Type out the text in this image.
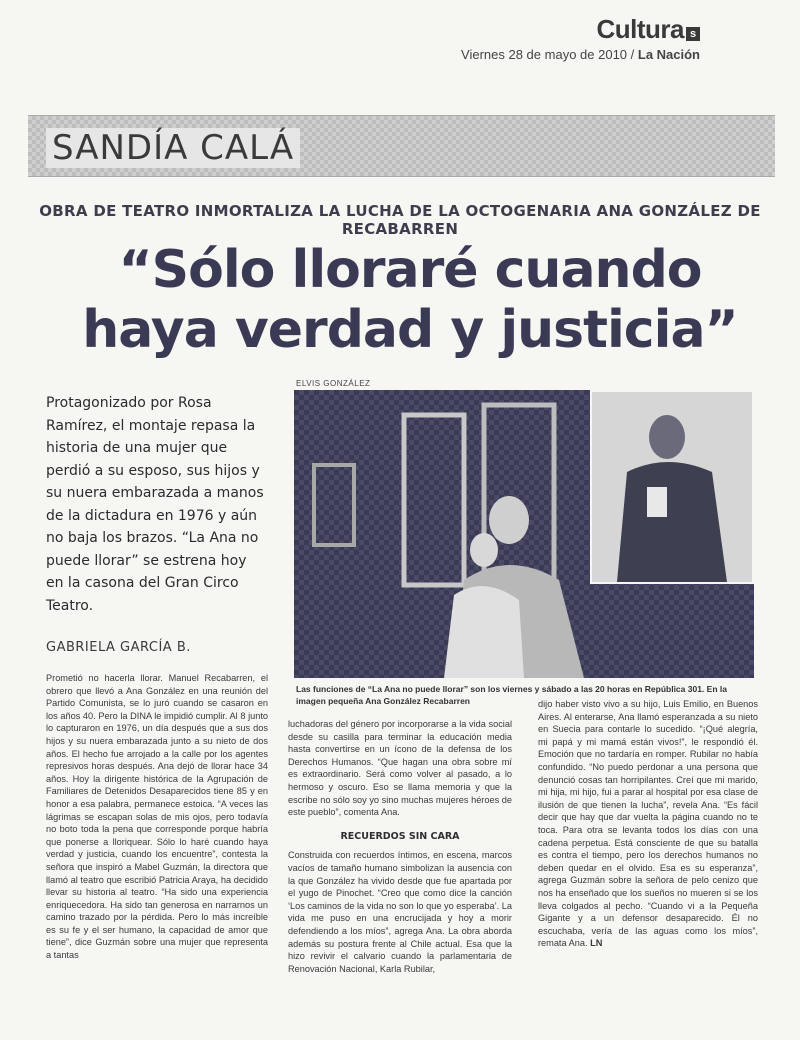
Cultura s
Viernes 28 de mayo de 2010 / La Nación
SANDÍA CALÁ
OBRA DE TEATRO INMORTALIZA LA LUCHA DE LA OCTOGENARIA ANA GONZÁLEZ DE RECABARREN
“Sólo lloraré cuando haya verdad y justicia”
Protagonizado por Rosa Ramírez, el montaje repasa la historia de una mujer que perdió a su esposo, sus hijos y su nuera embarazada a manos de la dictadura en 1976 y aún no baja los brazos. “La Ana no puede llorar” se estrena hoy en la casona del Gran Circo Teatro.
GABRIELA GARCÍA B.
ELVIS GONZÁLEZ
Las funciones de “La Ana no puede llorar” son los viernes y sábado a las 20 horas en República 301. En la imagen pequeña Ana González Recabarren

Prometió no hacerla llorar. Manuel Recabarren, el obrero que llevó a Ana González en una reunión del Partido Comunista, se lo juró cuando se casaron en los años 40. Pero la DINA le impidió cumplir. Al 8 junto lo capturaron en 1976, un día después que a sus dos hijos y su nuera embarazada junto a su nieto de dos años. El hecho fue arrojado a la calle por los agentes represivos horas después. Ana dejó de llorar hace 34 años. Hoy la dirigente histórica de la Agrupación de Familiares de Detenidos Desaparecidos tiene 85 y en honor a esa palabra, permanece estoica. “A veces las lágrimas se escapan solas de mis ojos, pero todavía no boto toda la pena que corresponde porque habría que ponerse a lloriquear. Sólo lo haré cuando haya verdad y justicia, cuando los encuentre”, contesta la señora que inspiró a Mabel Guzmán, la directora que llamó al teatro que escribió Patricia Araya, ha decidido llevar su historia al teatro. “Ha sido una experiencia enriquecedora. Ha sido tan generosa en narrarnos un camino trazado por la pérdida. Pero lo más increíble es su fe y el ser humano, la capacidad de amor que tiene”, dice Guzmán sobre una mujer que representa a tantas

luchadoras del género por incorporarse a la vida social desde su casilla para terminar la educación media hasta convertirse en un ícono de la defensa de los Derechos Humanos. “Que hagan una obra sobre mí es extraordinario. Será como volver al pasado, a lo hermoso y oscuro. Eso se llama memoria y que la escribe no sólo soy yo sino muchas mujeres héroes de este pueblo”, comenta Ana.

RECUERDOS SIN CARA

Construida con recuerdos íntimos, en escena, marcos vacíos de tamaño humano simbolizan la ausencia con la que González ha vivido desde que fue apartada por el yugo de Pinochet. “Creo que como dice la canción ‘Los caminos de la vida no son lo que yo esperaba’. La vida me puso en una encrucijada y hoy a morir defendiendo a los míos”, agrega Ana. La obra aborda además su postura frente al Chile actual. Esa que la hizo revivir el calvario cuando la parlamentaria de Renovación Nacional, Karla Rubilar,

dijo haber visto vivo a su hijo, Luis Emilio, en Buenos Aires. Al enterarse, Ana llamó esperanzada a su nieto en Suecia para contarle lo sucedido. “¡Qué alegría, mi papá y mi mamá están vivos!”, le respondió él. Emoción que no tardaría en romper. Rubilar no había confundido. “No puedo perdonar a una persona que denunció cosas tan horripilantes. Creí que mi marido, mi hija, mi hijo, fui a parar al hospital por esa clase de ilusión de que tienen la lucha”, revela Ana. “Es fácil decir que hay que dar vuelta la página cuando no te toca. Para otra se levanta todos los días con una cadena perpetua. Está consciente de que su batalla es contra el tiempo, pero los derechos humanos no deben quedar en el olvido. Esa es su esperanza”, agrega Guzmán sobre la señora de pelo cenizo que nos ha enseñado que los sueños no mueren si se los lleva colgados al pecho. “Cuando vi a la Pequeña Gigante y a un defensor desaparecido. Él no escuchaba, vería de las aguas como los míos”, remata Ana. LN
